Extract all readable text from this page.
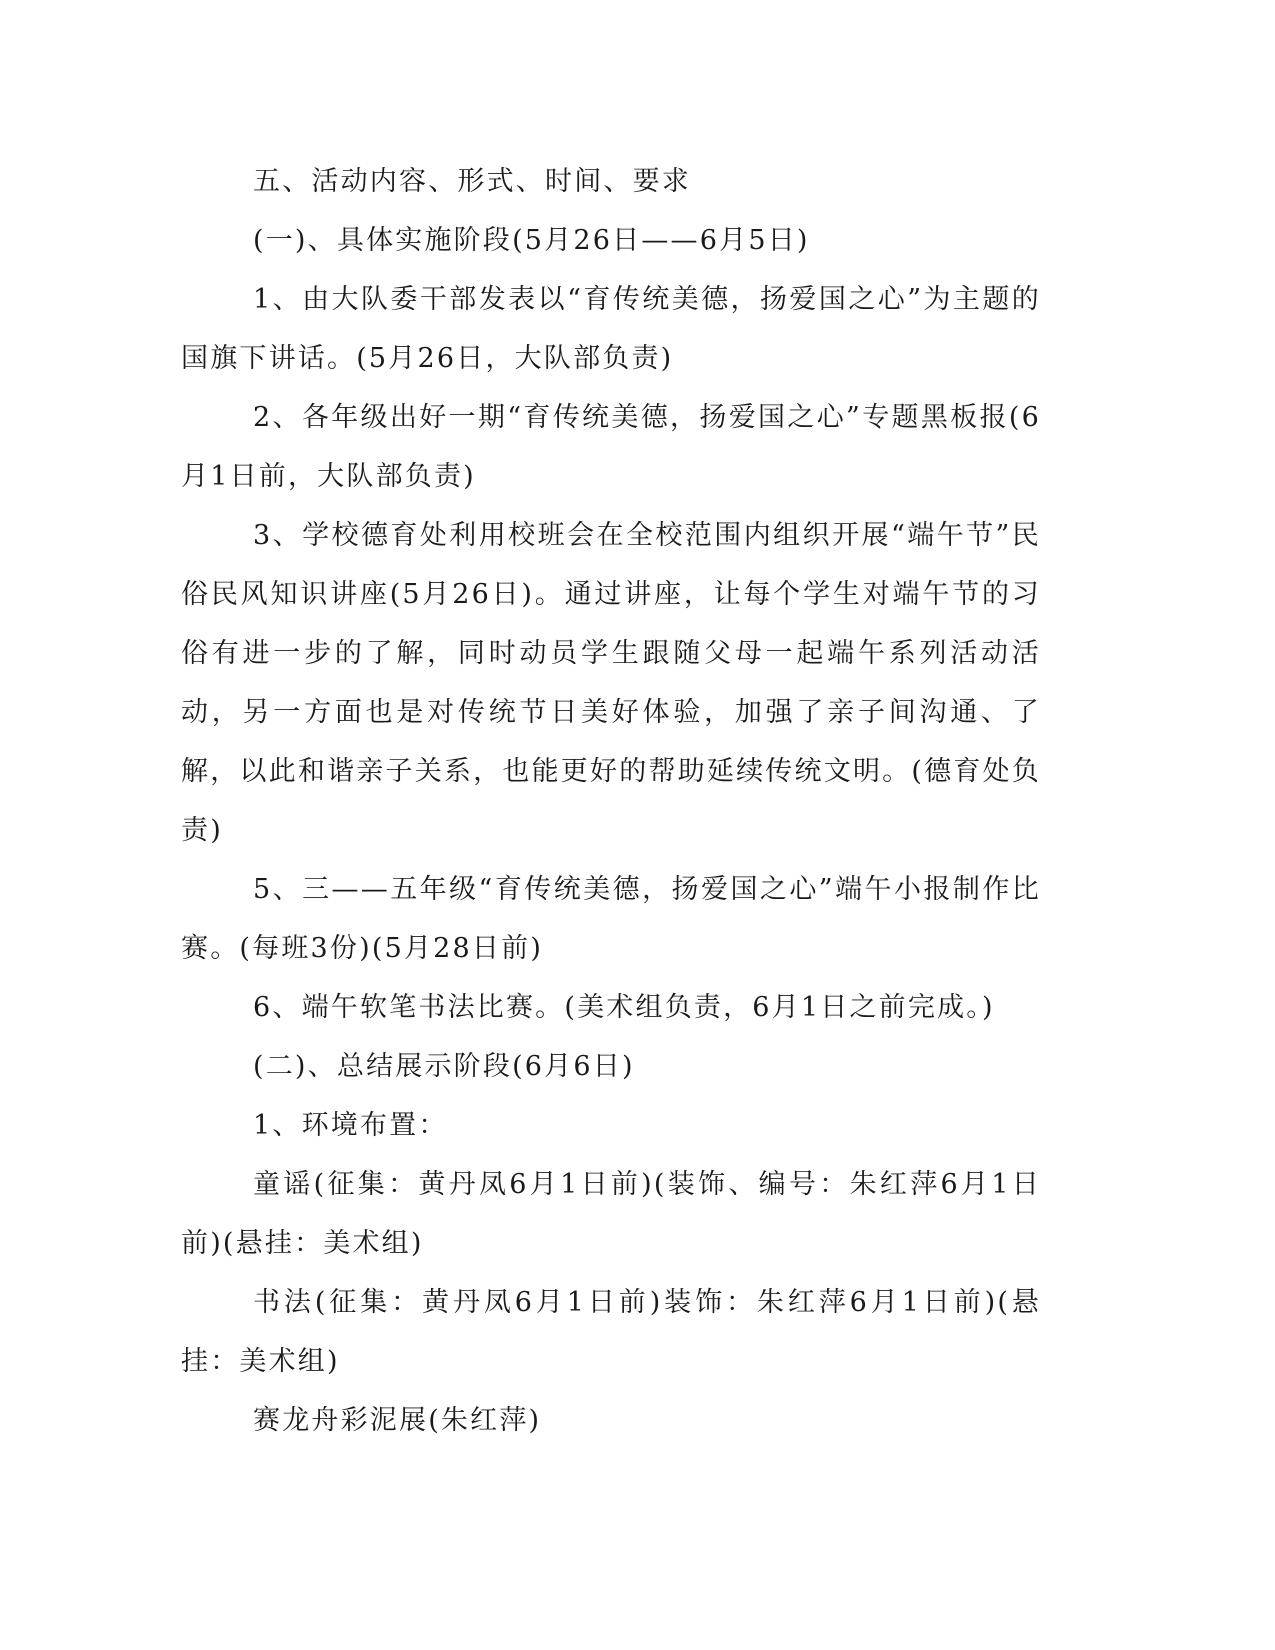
五、活动内容、形式、时间、要求

(一)、具体实施阶段(5月26日——6月5日)

1、由大队委干部发表以“育传统美德，扬爱国之心”为主题的国旗下讲话。(5月26日，大队部负责)

2、各年级出好一期“育传统美德，扬爱国之心”专题黑板报(6月1日前，大队部负责)

3、学校德育处利用校班会在全校范围内组织开展“端午节”民俗民风知识讲座(5月26日)。通过讲座，让每个学生对端午节的习俗有进一步的了解，同时动员学生跟随父母一起端午系列活动活动，另一方面也是对传统节日美好体验，加强了亲子间沟通、了解，以此和谐亲子关系，也能更好的帮助延续传统文明。(德育处负责)

5、三——五年级“育传统美德，扬爱国之心”端午小报制作比赛。(每班3份)(5月28日前)

6、端午软笔书法比赛。(美术组负责，6月1日之前完成。)

(二)、总结展示阶段(6月6日)

1、环境布置：

童谣(征集：黄丹凤6月1日前)(装饰、编号：朱红萍6月1日前)(悬挂：美术组)

书法(征集：黄丹凤6月1日前)装饰：朱红萍6月1日前)(悬挂：美术组)

赛龙舟彩泥展(朱红萍)
